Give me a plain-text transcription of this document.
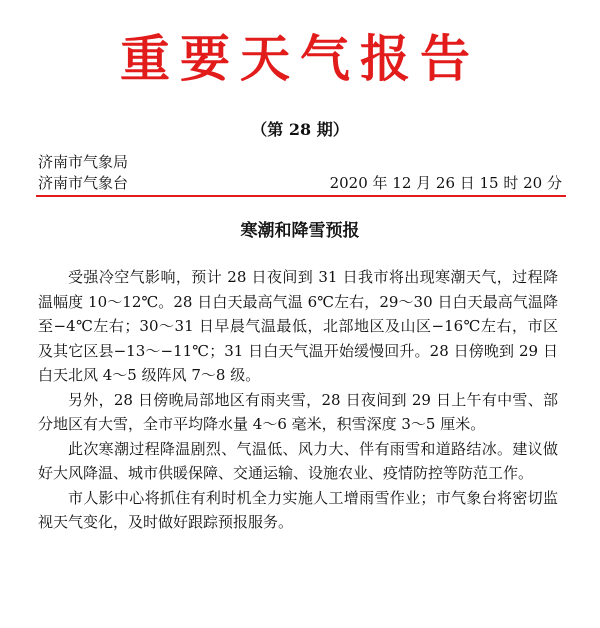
重要天气报告
（第 28 期）
济南市气象局
济南市气象台	2020 年 12 月 26 日 15 时 20 分
寒潮和降雪预报

受强冷空气影响，预计 28 日夜间到 31 日我市将出现寒潮天气，过程降温幅度 10～12℃。28 日白天最高气温 6℃左右，29～30 日白天最高气温降至−4℃左右；30～31 日早晨气温最低，北部地区及山区−16℃左右，市区及其它区县−13～−11℃；31 日白天气温开始缓慢回升。28 日傍晚到 29 日白天北风 4～5 级阵风 7～8 级。

另外，28 日傍晚局部地区有雨夹雪，28 日夜间到 29 日上午有中雪、部分地区有大雪，全市平均降水量 4～6 毫米，积雪深度 3～5 厘米。

此次寒潮过程降温剧烈、气温低、风力大、伴有雨雪和道路结冰。建议做好大风降温、城市供暖保障、交通运输、设施农业、疫情防控等防范工作。

市人影中心将抓住有利时机全力实施人工增雨雪作业；市气象台将密切监视天气变化，及时做好跟踪预报服务。
